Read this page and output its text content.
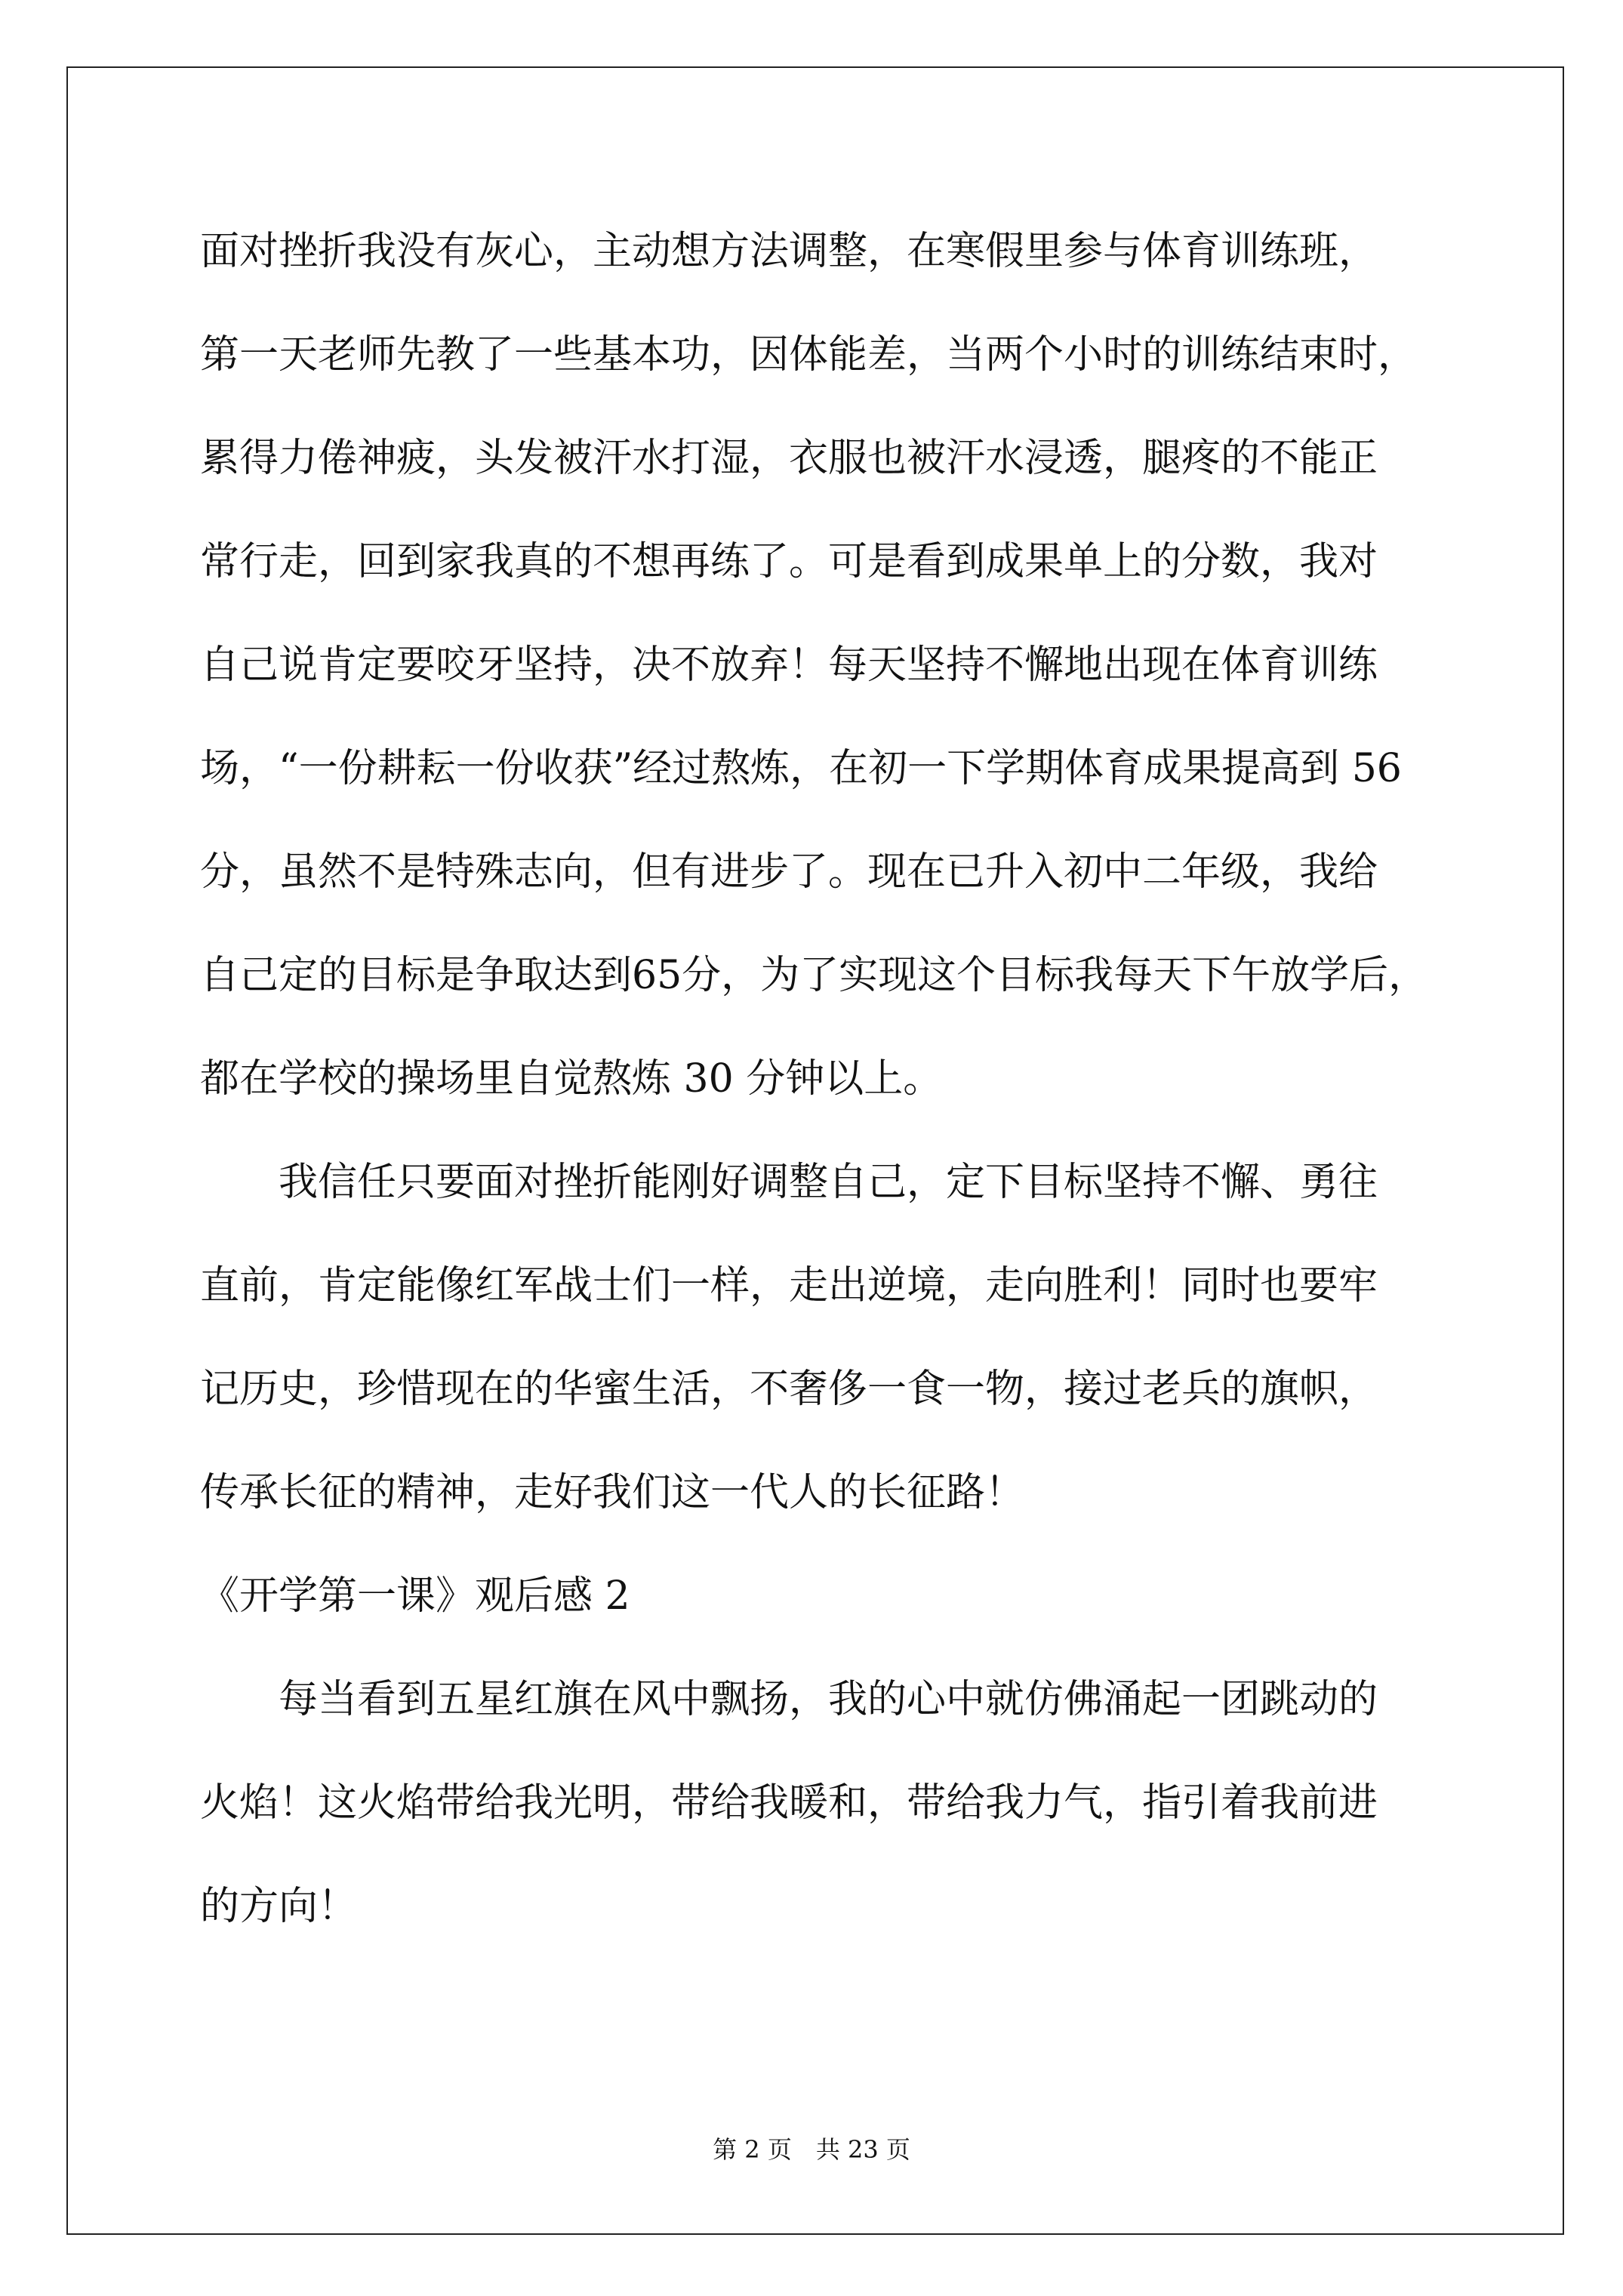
面对挫折我没有灰心，主动想方法调整，在寒假里参与体育训练班，
第一天老师先教了一些基本功，因体能差，当两个小时的训练结束时，
累得力倦神疲，头发被汗水打湿，衣服也被汗水浸透，腿疼的不能正
常行走，回到家我真的不想再练了。可是看到成果单上的分数，我对
自己说肯定要咬牙坚持，决不放弃！每天坚持不懈地出现在体育训练
场，“一份耕耘一份收获”经过熬炼，在初一下学期体育成果提高到 56
分，虽然不是特殊志向，但有进步了。现在已升入初中二年级，我给
自己定的目标是争取达到65分，为了实现这个目标我每天下午放学后，
都在学校的操场里自觉熬炼 30 分钟以上。
我信任只要面对挫折能刚好调整自己，定下目标坚持不懈、勇往
直前，肯定能像红军战士们一样，走出逆境，走向胜利！同时也要牢
记历史，珍惜现在的华蜜生活，不奢侈一食一物，接过老兵的旗帜，
传承长征的精神，走好我们这一代人的长征路！
《开学第一课》观后感 2
每当看到五星红旗在风中飘扬，我的心中就仿佛涌起一团跳动的
火焰！这火焰带给我光明，带给我暖和，带给我力气，指引着我前进
的方向！
第 2 页　共 23 页
